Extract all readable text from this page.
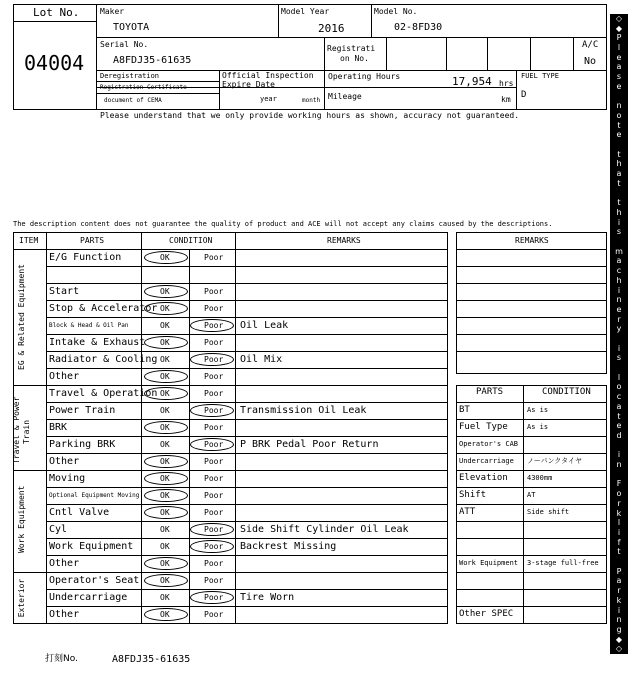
Lot No.
04004
Maker
TOYOTA
Model Year
2016
Model No.
02-8FD30
Serial No.
A8FDJ35-61635
Registrati
on No.
A/C
No
Deregistration
Registration Certificate
document of CEMA
Official Inspection
Expire Date
year	month
Operating Hours	17,954 hrs
Mileage	km
FUEL TYPE
D
Please understand that we only provide working hours as shown, accuracy not guaranteed.
The description content does not guarantee the quality of product and ACE will not accept any claims caused by the descriptions.
ITEM	PARTS	CONDITION	REMARKS
EG & Related Equipment
Travel & Power Train
Work Equipment
Exterior
E/G Function	OK	Poor
Start	OK	Poor
Stop & Accelerator OK	Poor
Block & Head & Oil Pan	OK	Poor Oil Leak
Intake & Exhaust OK	Poor
Radiator & Cooling OK	Poor Oil Mix
Other	OK	Poor
Travel & Operation OK	Poor
Power Train	OK	Poor Transmission Oil Leak
BRK	OK	Poor
Parking BRK	OK	Poor P BRK Pedal Poor Return
Other	OK	Poor
Moving	OK	Poor
Optional Equipment Moving	OK	Poor
Cntl Valve	OK	Poor
Cyl	OK	Poor Side Shift Cylinder Oil Leak
Work Equipment	OK	Poor Backrest Missing
Other	OK	Poor
Operator's Seat	OK	Poor
Undercarriage	OK	Poor Tire Worn
Other	OK	Poor
REMARKS
PARTS	CONDITION
BT	As is
Fuel Type	As is
Operator's CAB
Undercarriage ノーパンクタイヤ
Elevation	4300mm
Shift	AT
ATT	Side shift
Work Equipment 3-stage full-free
Other SPEC
打刻No.	A8FDJ35-61635
◇
◆
P
l
e
a
s
e
n
o
t
e
t
h
a
t
t
h
i
s
m
a
c
h
i
n
e
r
y
i
s
l
o
c
a
t
e
d
i
n
F
o
r
k
l
i
f
t
P
a
r
k
i
n
g
◆
◇
